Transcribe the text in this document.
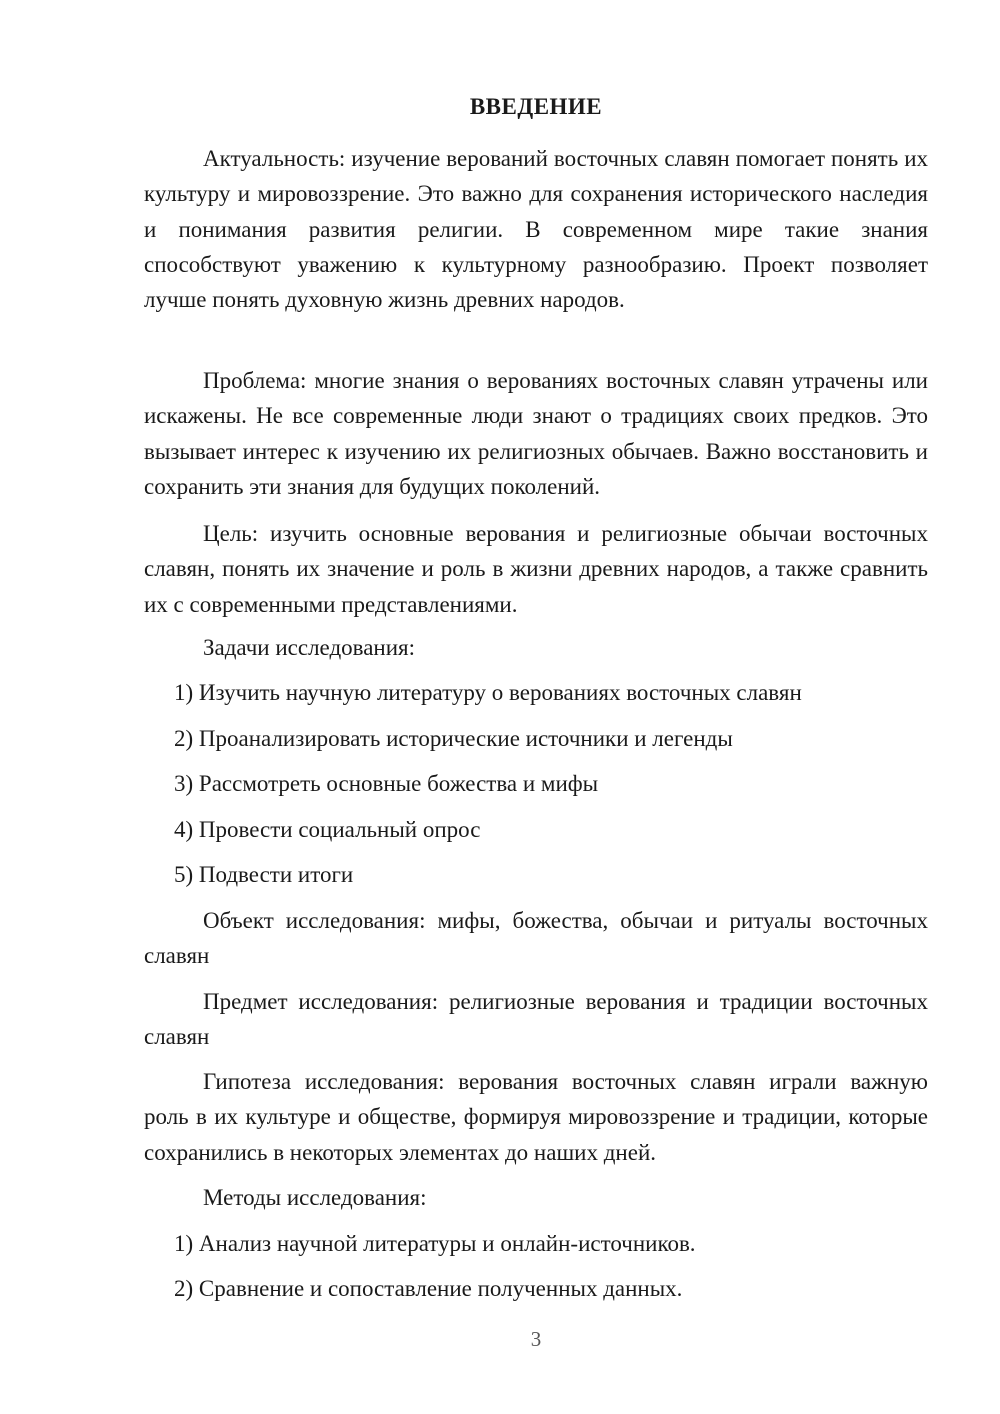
ВВЕДЕНИЕ

Актуальность: изучение верований восточных славян помогает понять их культуру и мировоззрение. Это важно для сохранения исторического наследия и понимания развития религии. В современном мире такие знания способствуют уважению к культурному разнообразию. Проект позволяет лучше понять духовную жизнь древних народов.

Проблема: многие знания о верованиях восточных славян утрачены или искажены. Не все современные люди знают о традициях своих предков. Это вызывает интерес к изучению их религиозных обычаев. Важно восстановить и сохранить эти знания для будущих поколений.

Цель: изучить основные верования и религиозные обычаи восточных славян, понять их значение и роль в жизни древних народов, а также сравнить их с современными представлениями.

Задачи исследования:

1) Изучить научную литературу о верованиях восточных славян
2) Проанализировать исторические источники и легенды
3) Рассмотреть основные божества и мифы
4) Провести социальный опрос
5) Подвести итоги

Объект исследования: мифы, божества, обычаи и ритуалы восточных славян

Предмет исследования: религиозные верования и традиции восточных славян

Гипотеза исследования: верования восточных славян играли важную роль в их культуре и обществе, формируя мировоззрение и традиции, которые сохранились в некоторых элементах до наших дней.

Методы исследования:

1) Анализ научной литературы и онлайн-источников.
2) Сравнение и сопоставление полученных данных.
3
